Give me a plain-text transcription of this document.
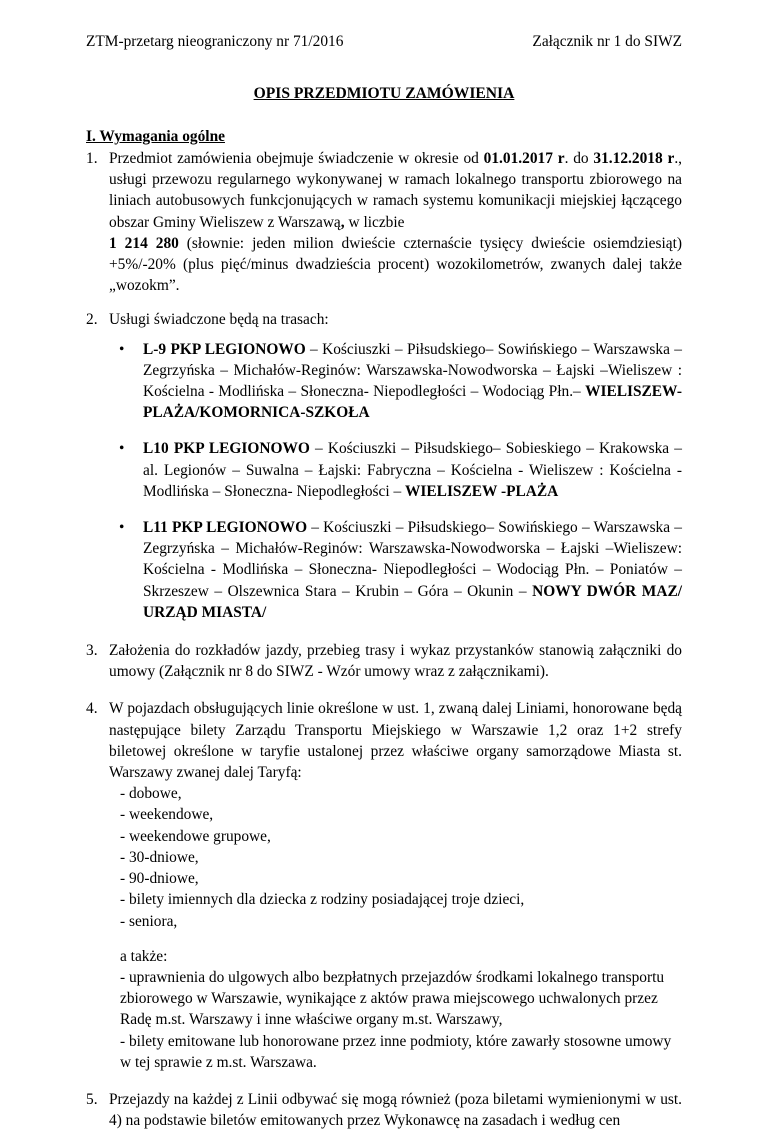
ZTM-przetarg nieograniczony nr 71/2016	Załącznik nr 1 do SIWZ
OPIS PRZEDMIOTU ZAMÓWIENIA
I. Wymagania ogólne
1. Przedmiot zamówienia obejmuje świadczenie w okresie od 01.01.2017 r. do 31.12.2018 r., usługi przewozu regularnego wykonywanej w ramach lokalnego transportu zbiorowego na liniach autobusowych funkcjonujących w ramach systemu komunikacji miejskiej łączącego obszar Gminy Wieliszew z Warszawą, w liczbie
1 214 280 (słownie: jeden milion dwieście czternaście tysięcy dwieście osiemdziesiąt) +5%/-20% (plus pięć/minus dwadzieścia procent) wozokilometrów, zwanych dalej także „wozokm”.
2. Usługi świadczone będą na trasach:
• L-9 PKP LEGIONOWO – Kościuszki – Piłsudskiego– Sowińskiego – Warszawska – Zegrzyńska – Michałów-Reginów: Warszawska-Nowodworska – Łajski –Wieliszew : Kościelna - Modlińska – Słoneczna- Niepodległości – Wodociąg Płn.– WIELISZEW-PLAŻA/KOMORNICA-SZKOŁA
• L10 PKP LEGIONOWO – Kościuszki – Piłsudskiego– Sobieskiego – Krakowska – al. Legionów – Suwalna – Łajski: Fabryczna – Kościelna - Wieliszew : Kościelna - Modlińska – Słoneczna- Niepodległości – WIELISZEW -PLAŻA
• L11 PKP LEGIONOWO – Kościuszki – Piłsudskiego– Sowińskiego – Warszawska – Zegrzyńska – Michałów-Reginów: Warszawska-Nowodworska – Łajski –Wieliszew: Kościelna - Modlińska – Słoneczna- Niepodległości – Wodociąg Płn. – Poniatów – Skrzeszew – Olszewnica Stara – Krubin – Góra – Okunin – NOWY DWÓR MAZ/ URZĄD MIASTA/
3. Założenia do rozkładów jazdy, przebieg trasy i wykaz przystanków stanowią załączniki do umowy (Załącznik nr 8 do SIWZ - Wzór umowy wraz z załącznikami).
4. W pojazdach obsługujących linie określone w ust. 1, zwaną dalej Liniami, honorowane będą następujące bilety Zarządu Transportu Miejskiego w Warszawie 1,2 oraz 1+2 strefy biletowej określone w taryfie ustalonej przez właściwe organy samorządowe Miasta st. Warszawy zwanej dalej Taryfą:
- dobowe,
- weekendowe,
- weekendowe grupowe,
- 30-dniowe,
- 90-dniowe,
- bilety imiennych dla dziecka z rodziny posiadającej troje dzieci,
- seniora,
a także:
- uprawnienia do ulgowych albo bezpłatnych przejazdów środkami lokalnego transportu zbiorowego w Warszawie, wynikające z aktów prawa miejscowego uchwalonych przez Radę m.st. Warszawy i inne właściwe organy m.st. Warszawy,
- bilety emitowane lub honorowane przez inne podmioty, które zawarły stosowne umowy w tej sprawie z m.st. Warszawa.
5. Przejazdy na każdej z Linii odbywać się mogą również (poza biletami wymienionymi w ust. 4) na podstawie biletów emitowanych przez Wykonawcę na zasadach i według cen
